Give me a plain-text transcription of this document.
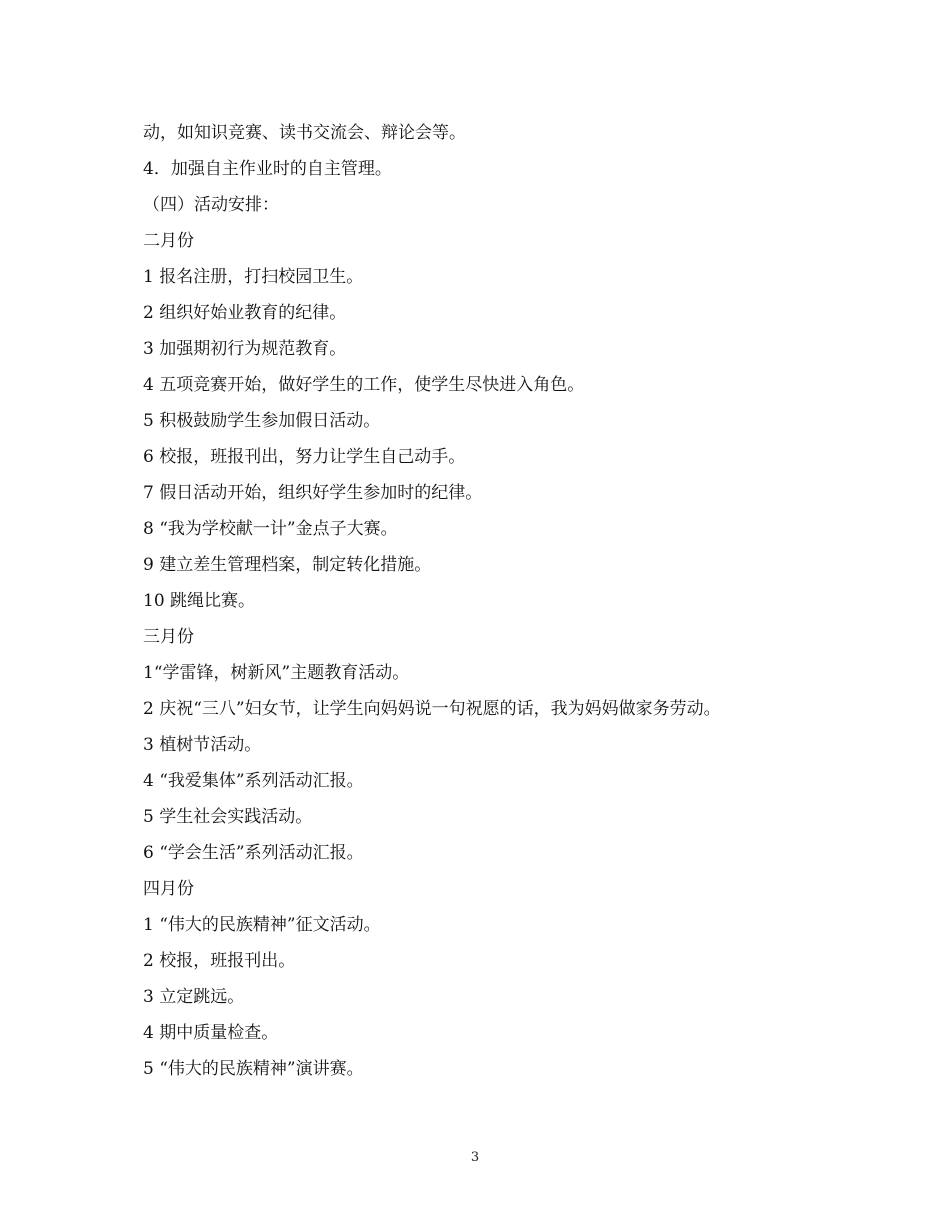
动，如知识竞赛、读书交流会、辩论会等。
4．加强自主作业时的自主管理。
（四）活动安排：
二月份
1 报名注册，打扫校园卫生。
2 组织好始业教育的纪律。
3 加强期初行为规范教育。
4 五项竞赛开始，做好学生的工作，使学生尽快进入角色。
5 积极鼓励学生参加假日活动。
6 校报，班报刊出，努力让学生自己动手。
7 假日活动开始，组织好学生参加时的纪律。
8 “我为学校献一计”金点子大赛。
9 建立差生管理档案，制定转化措施。
10 跳绳比赛。
三月份
1“学雷锋，树新风”主题教育活动。
2 庆祝“三八”妇女节，让学生向妈妈说一句祝愿的话，我为妈妈做家务劳动。
3 植树节活动。
4 “我爱集体”系列活动汇报。
5 学生社会实践活动。
6 “学会生活”系列活动汇报。
四月份
1 “伟大的民族精神”征文活动。
2 校报，班报刊出。
3 立定跳远。
4 期中质量检查。
5 “伟大的民族精神”演讲赛。
3
